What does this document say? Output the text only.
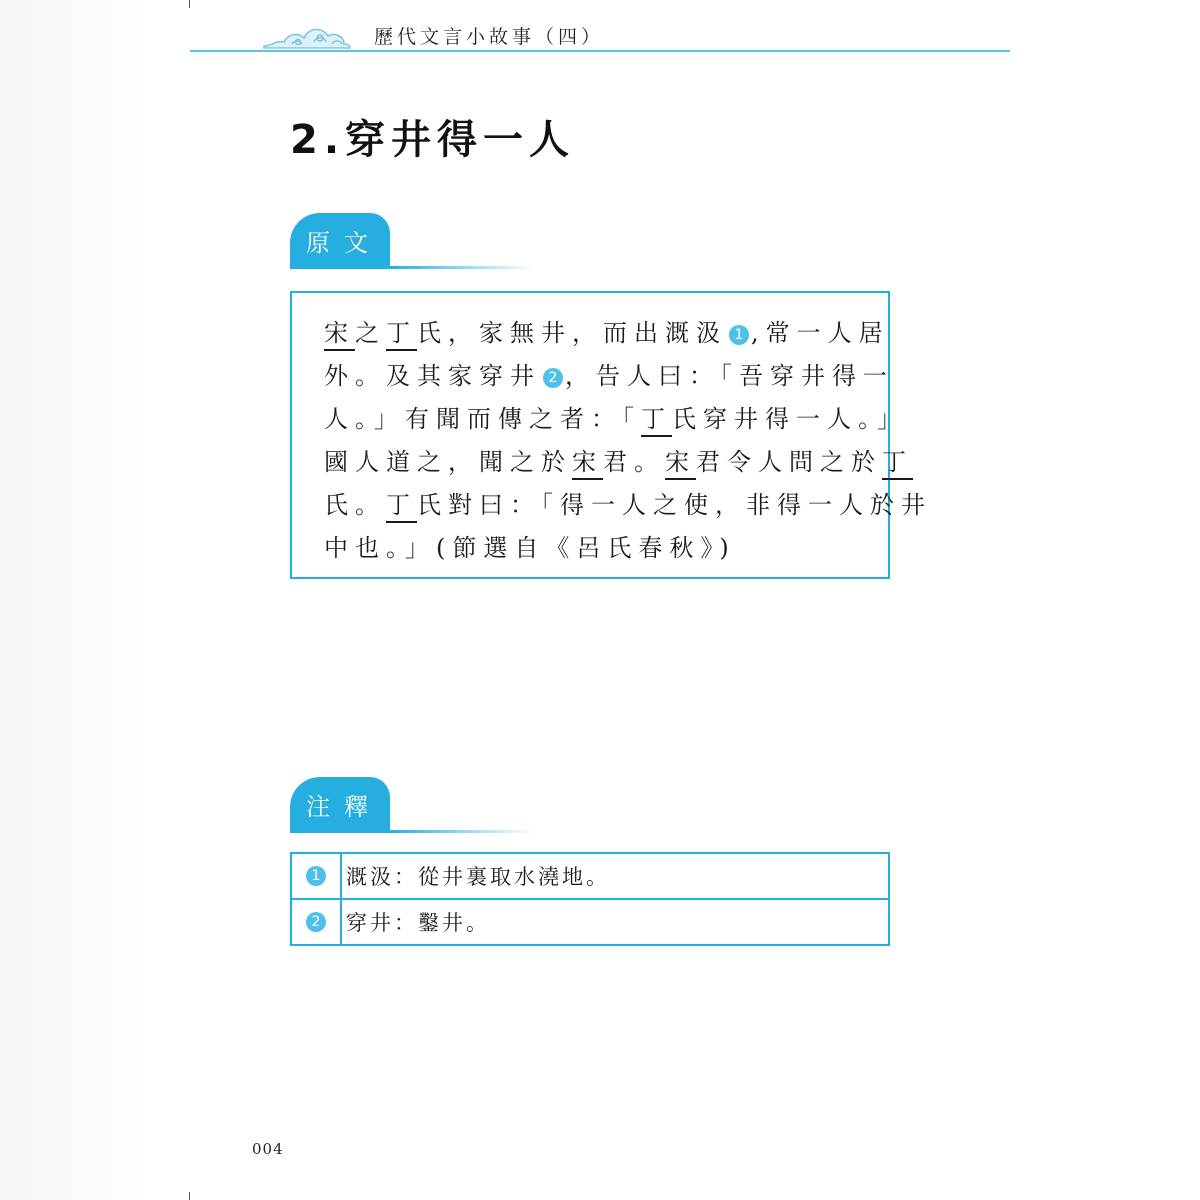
歷代文言小故事（四）
2.穿井得一人
原文
宋之丁氏，家無井，而出溉汲 1 ,常一人居
外。及其家穿井 2 ，告人曰：「吾穿井得一
人。」有聞而傳之者：「丁氏穿井得一人。」
國人道之，聞之於宋君。宋君令人問之於丁
氏。丁氏對曰：「得一人之使，非得一人於井
中也。」(節選自《呂氏春秋》)
注釋
1	溉汲：從井裏取水澆地。
2	穿井：鑿井。
004
